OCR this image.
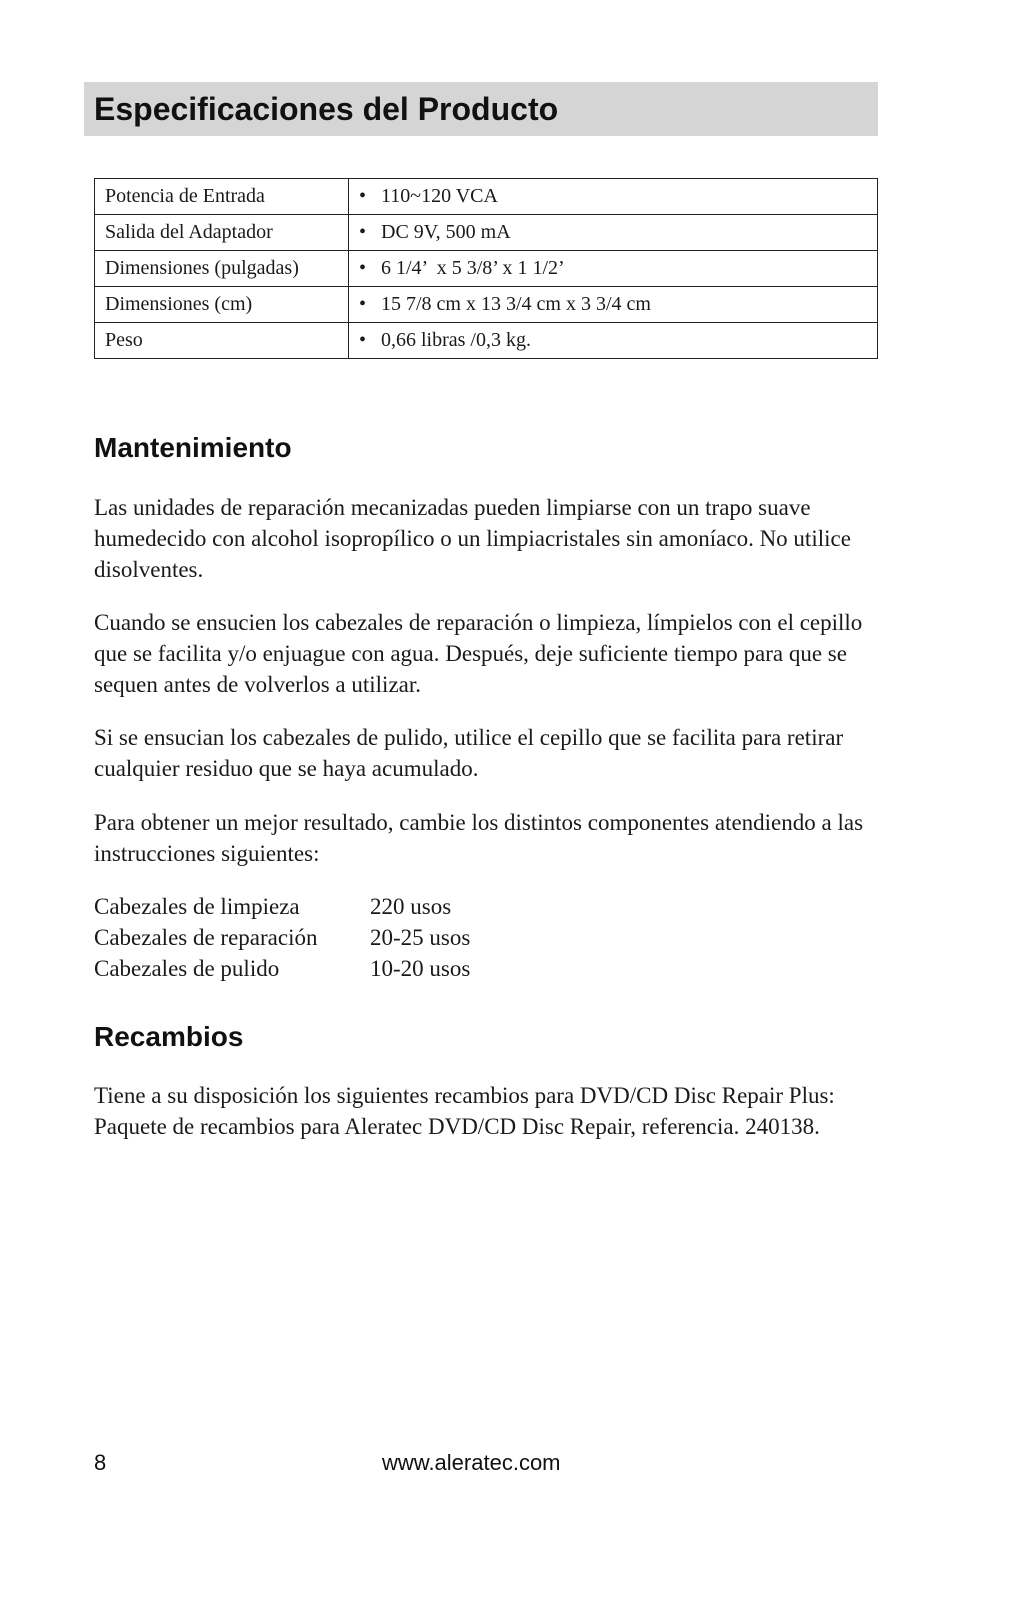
Especificaciones del Producto
Potencia de Entrada	• 110~120 VCA
Salida del Adaptador	• DC 9V, 500 mA
Dimensiones (pulgadas)	• 6 1/4’  x 5 3/8’ x 1 1/2’
Dimensiones (cm)	• 15 7/8 cm x 13 3/4 cm x 3 3/4 cm
Peso	• 0,66 libras /0,3 kg.
Mantenimiento

Las unidades de reparación mecanizadas pueden limpiarse con un trapo suave humedecido con alcohol isopropílico o un limpiacristales sin amoníaco. No utilice disolventes.

Cuando se ensucien los cabezales de reparación o limpieza, límpielos con el cepillo que se facilita y/o enjuague con agua. Después, deje suficiente tiempo para que se sequen antes de volverlos a utilizar.

Si se ensucian los cabezales de pulido, utilice el cepillo que se facilita para retirar cualquier residuo que se haya acumulado.

Para obtener un mejor resultado, cambie los distintos componentes atendiendo a las instrucciones siguientes:

Cabezales de limpieza	220 usos
Cabezales de reparación	20-25 usos
Cabezales de pulido	10-20 usos
Recambios

Tiene a su disposición los siguientes recambios para DVD/CD Disc Repair Plus: Paquete de recambios para Aleratec DVD/CD Disc Repair, referencia. 240138.

8	www.aleratec.com
